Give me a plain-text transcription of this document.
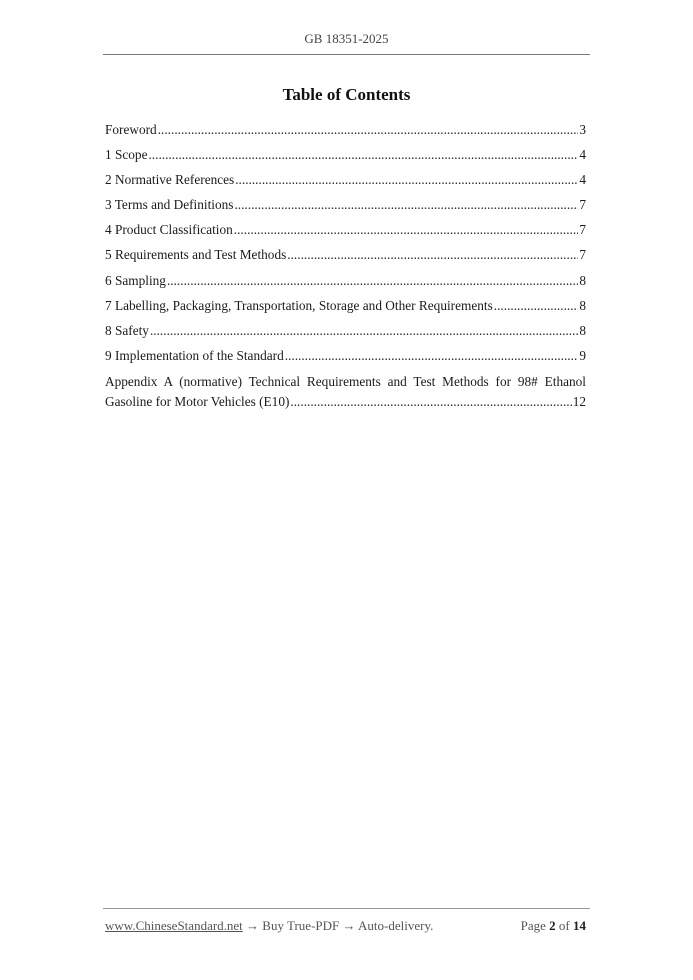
GB 18351-2025
Table of Contents
Foreword .....	3
1 Scope .....	4
2 Normative References .....	4
3 Terms and Definitions .....	7
4 Product Classification .....	7
5 Requirements and Test Methods .....	7
6 Sampling .....	8
7 Labelling, Packaging, Transportation, Storage and Other Requirements .....	8
8 Safety .....	8
9 Implementation of the Standard .....	9
Appendix A (normative) Technical Requirements and Test Methods for 98# Ethanol
Gasoline for Motor Vehicles (E10) .....	12
www.ChineseStandard.net → Buy True-PDF → Auto-delivery.	Page 2 of 14
